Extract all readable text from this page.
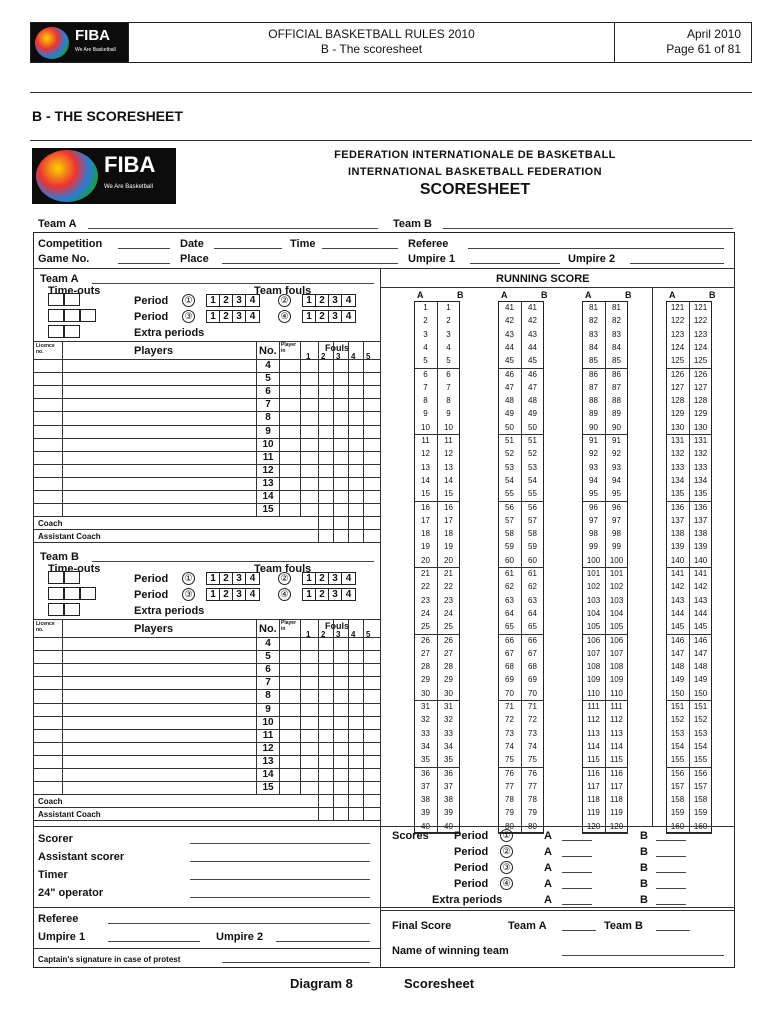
FIBA
We Are Basketball
OFFICIAL BASKETBALL RULES 2010
B - The scoresheet
April 2010
Page 61 of 81
B - THE SCORESHEET
FIBA
We Are Basketball
FEDERATION INTERNATIONALE DE BASKETBALL
INTERNATIONAL BASKETBALL FEDERATION
SCORESHEET
Team A	Team B
Competition	Date	Time	Referee
Game No.	Place	Umpire 1	Umpire 2
Team A
Time-outs	Team fouls
Period ①	1 2 3 4	②	1 2 3 4
Period ③	1 2 3 4	④	1 2 3 4
Extra periods
Licence no.	Players	No. Player in	Fouls
1 2 3 4 5
4
5
6
7
8
9
10
11
12
13
14
15
Coach
Assistant Coach
Team B
Time-outs	Team fouls
Period ①	1 2 3 4	②	1 2 3 4
Period ③	1 2 3 4	④	1 2 3 4
Extra periods
Licence no.	Players	No. Player in	Fouls
1 2 3 4 5
4
5
6
7
8
9
10
11
12
13
14
15
Coach
Assistant Coach
RUNNING SCORE
A	B
1	1
2	2
3	3
4	4
5	5
6	6
7	7
8	8
9	9
10	10
11	11
12	12
13	13
14	14
15	15
16	16
17	17
18	18
19	19
20	20
21	21
22	22
23	23
24	24
25	25
26	26
27	27
28	28
29	29
30	30
31	31
32	32
33	33
34	34
35	35
36	36
37	37
38	38
39	39
40	40
A	B
41	41
42	42
43	43
44	44
45	45
46	46
47	47
48	48
49	49
50	50
51	51
52	52
53	53
54	54
55	55
56	56
57	57
58	58
59	59
60	60
61	61
62	62
63	63
64	64
65	65
66	66
67	67
68	68
69	69
70	70
71	71
72	72
73	73
74	74
75	75
76	76
77	77
78	78
79	79
80	80
A	B
81	81
82	82
83	83
84	84
85	85
86	86
87	87
88	88
89	89
90	90
91	91
92	92
93	93
94	94
95	95
96	96
97	97
98	98
99	99
100	100
101	101
102	102
103	103
104	104
105	105
106	106
107	107
108	108
109	109
110	110
111	111
112	112
113	113
114	114
115	115
116	116
117	117
118	118
119	119
120	120
A	B
121	121
122	122
123	123
124	124
125	125
126	126
127	127
128	128
129	129
130	130
131	131
132	132
133	133
134	134
135	135
136	136
137	137
138	138
139	139
140	140
141	141
142	142
143	143
144	144
145	145
146	146
147	147
148	148
149	149
150	150
151	151
152	152
153	153
154	154
155	155
156	156
157	157
158	158
159	159
160	160
Scorer
Assistant scorer
Timer
24" operator
Referee
Umpire 1	Umpire 2
Captain's signature in case of protest
Scores Period ①	A	B
Period ②	A	B
Period ③	A	B
Period ④	A	B
Extra periods	A	B
Final Score	Team A	Team B
Name of winning team
Diagram 8	Scoresheet
